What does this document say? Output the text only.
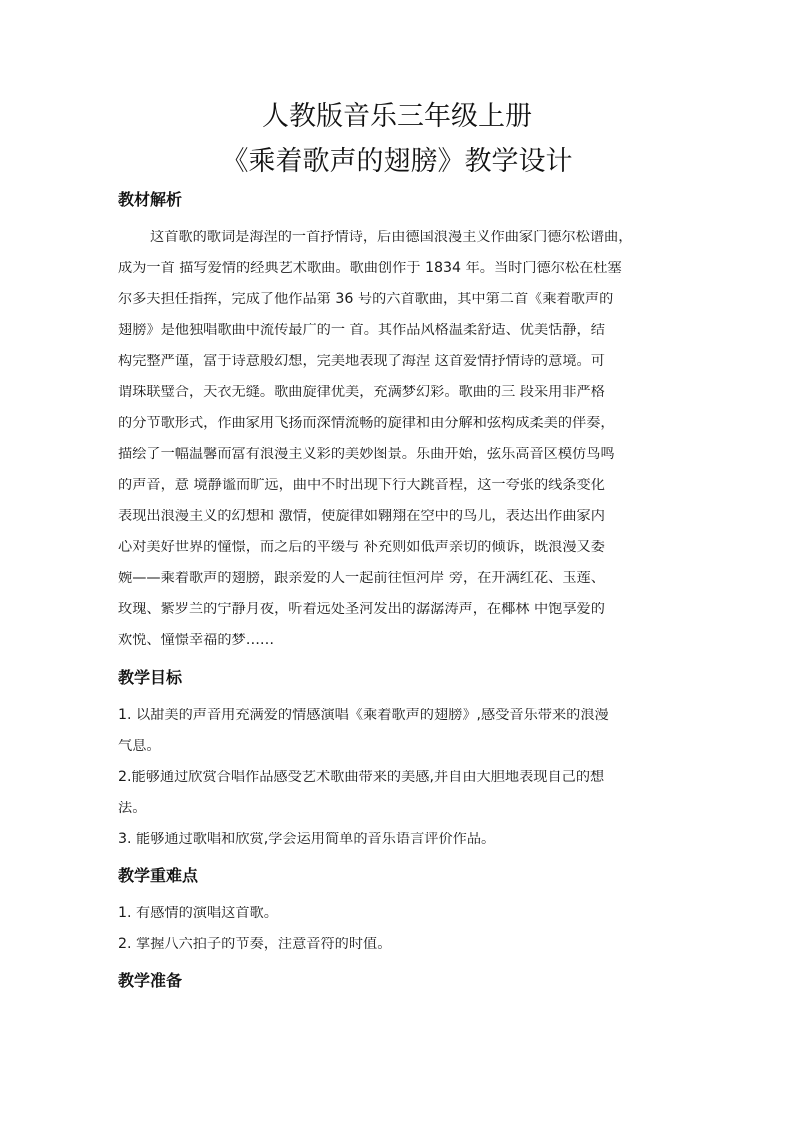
人教版音乐三年级上册
《乘着歌声的翅膀》教学设计
教材解析
这首歌的歌词是海涅的一首抒情诗，后由德国浪漫主义作曲家门德尔松谱曲，
成为一首 描写爱情的经典艺术歌曲。歌曲创作于 1834 年。当时门德尔松在杜塞
尔多夫担任指挥，完成了他作品第 36 号的六首歌曲，其中第二首《乘着歌声的
翅膀》是他独唱歌曲中流传最广的一 首。其作品风格温柔舒适、优美恬静，结
构完整严谨，富于诗意般幻想，完美地表现了海涅 这首爱情抒情诗的意境。可
谓珠联璧合，天衣无缝。歌曲旋律优美，充满梦幻彩。歌曲的三 段采用非严格
的分节歌形式，作曲家用飞扬而深情流畅的旋律和由分解和弦构成柔美的伴奏，
描绘了一幅温馨而富有浪漫主义彩的美妙图景。乐曲开始，弦乐高音区模仿鸟鸣
的声音，意 境静谧而旷远，曲中不时出现下行大跳音程，这一夸张的线条变化
表现出浪漫主义的幻想和 激情，使旋律如翱翔在空中的鸟儿，表达出作曲家内
心对美好世界的憧憬，而之后的平缓与 补充则如低声亲切的倾诉，既浪漫又委
婉——乘着歌声的翅膀，跟亲爱的人一起前往恒河岸 旁，在开满红花、玉莲、
玫瑰、紫罗兰的宁静月夜，听着远处圣河发出的潺潺涛声，在椰林 中饱享爱的
欢悦、憧憬幸福的梦……
教学目标
1. 以甜美的声音用充满爱的情感演唱《乘着歌声的翅膀》,感受音乐带来的浪漫
气息。
2.能够通过欣赏合唱作品感受艺术歌曲带来的美感,并自由大胆地表现自己的想
法。
3. 能够通过歌唱和欣赏,学会运用简单的音乐语言评价作品。
教学重难点
1. 有感情的演唱这首歌。
2. 掌握八六拍子的节奏，注意音符的时值。
教学准备
